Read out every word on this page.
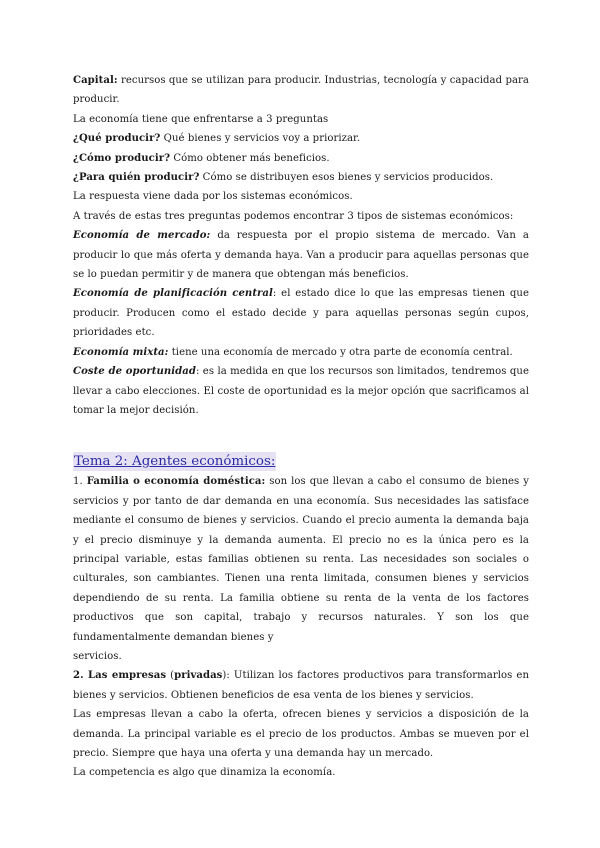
Capital: recursos que se utilizan para producir. Industrias, tecnología y capacidad para producir.

La economía tiene que enfrentarse a 3 preguntas

¿Qué producir? Qué bienes y servicios voy a priorizar.

¿Cómo producir? Cómo obtener más beneficios.

¿Para quién producir? Cómo se distribuyen esos bienes y servicios producidos.

La respuesta viene dada por los sistemas económicos.

A través de estas tres preguntas podemos encontrar 3 tipos de sistemas económicos:

Economía de mercado: da respuesta por el propio sistema de mercado. Van a producir lo que más oferta y demanda haya. Van a producir para aquellas personas que se lo puedan permitir y de manera que obtengan más beneficios.

Economía de planificación central: el estado dice lo que las empresas tienen que producir. Producen como el estado decide y para aquellas personas según cupos, prioridades etc.

Economía mixta: tiene una economía de mercado y otra parte de economía central.

Coste de oportunidad: es la medida en que los recursos son limitados, tendremos que llevar a cabo elecciones. El coste de oportunidad es la mejor opción que sacrificamos al tomar la mejor decisión.

Tema 2: Agentes económicos:

1. Familia o economía doméstica: son los que llevan a cabo el consumo de bienes y servicios y por tanto de dar demanda en una economía. Sus necesidades las satisface mediante el consumo de bienes y servicios. Cuando el precio aumenta la demanda baja y el precio disminuye y la demanda aumenta. El precio no es la única pero es la principal variable, estas familias obtienen su renta. Las necesidades son sociales o culturales, son cambiantes. Tienen una renta limitada, consumen bienes y servicios dependiendo de su renta. La familia obtiene su renta de la venta de los factores productivos que son capital, trabajo y recursos naturales. Y son los que fundamentalmente demandan bienes y

servicios.

2. Las empresas (privadas): Utilizan los factores productivos para transformarlos en bienes y servicios. Obtienen beneficios de esa venta de los bienes y servicios.

Las empresas llevan a cabo la oferta, ofrecen bienes y servicios a disposición de la demanda. La principal variable es el precio de los productos. Ambas se mueven por el precio. Siempre que haya una oferta y una demanda hay un mercado.

La competencia es algo que dinamiza la economía.
